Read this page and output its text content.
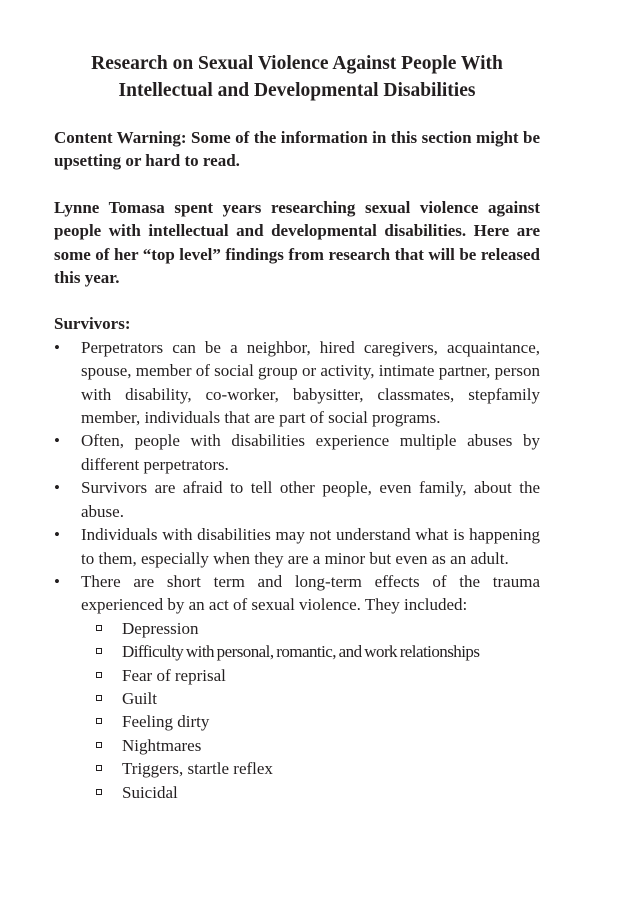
Research on Sexual Violence Against People With
Intellectual and Developmental Disabilities

Content Warning: Some of the information in this section might be upsetting or hard to read.

Lynne Tomasa spent years researching sexual violence against people with intellectual and developmental disabilities. Here are some of her “top level” findings from research that will be released this year.

Survivors:

•	Perpetrators can be a neighbor, hired caregivers, acquaintance, spouse, member of social group or activity, intimate partner, person with disability, co-worker, babysitter, classmates, stepfamily member, individuals that are part of social programs.
•	Often, people with disabilities experience multiple abuses by different perpetrators.
•	Survivors are afraid to tell other people, even family, about the abuse.
•	Individuals with disabilities may not understand what is happening to them, especially when they are a minor but even as an adult.
•	There are short term and long-term effects of the trauma experienced by an act of sexual violence. They included:
Depression
Difficulty with personal, romantic, and work relationships
Fear of reprisal
Guilt
Feeling dirty
Nightmares
Triggers, startle reflex
Suicidal
